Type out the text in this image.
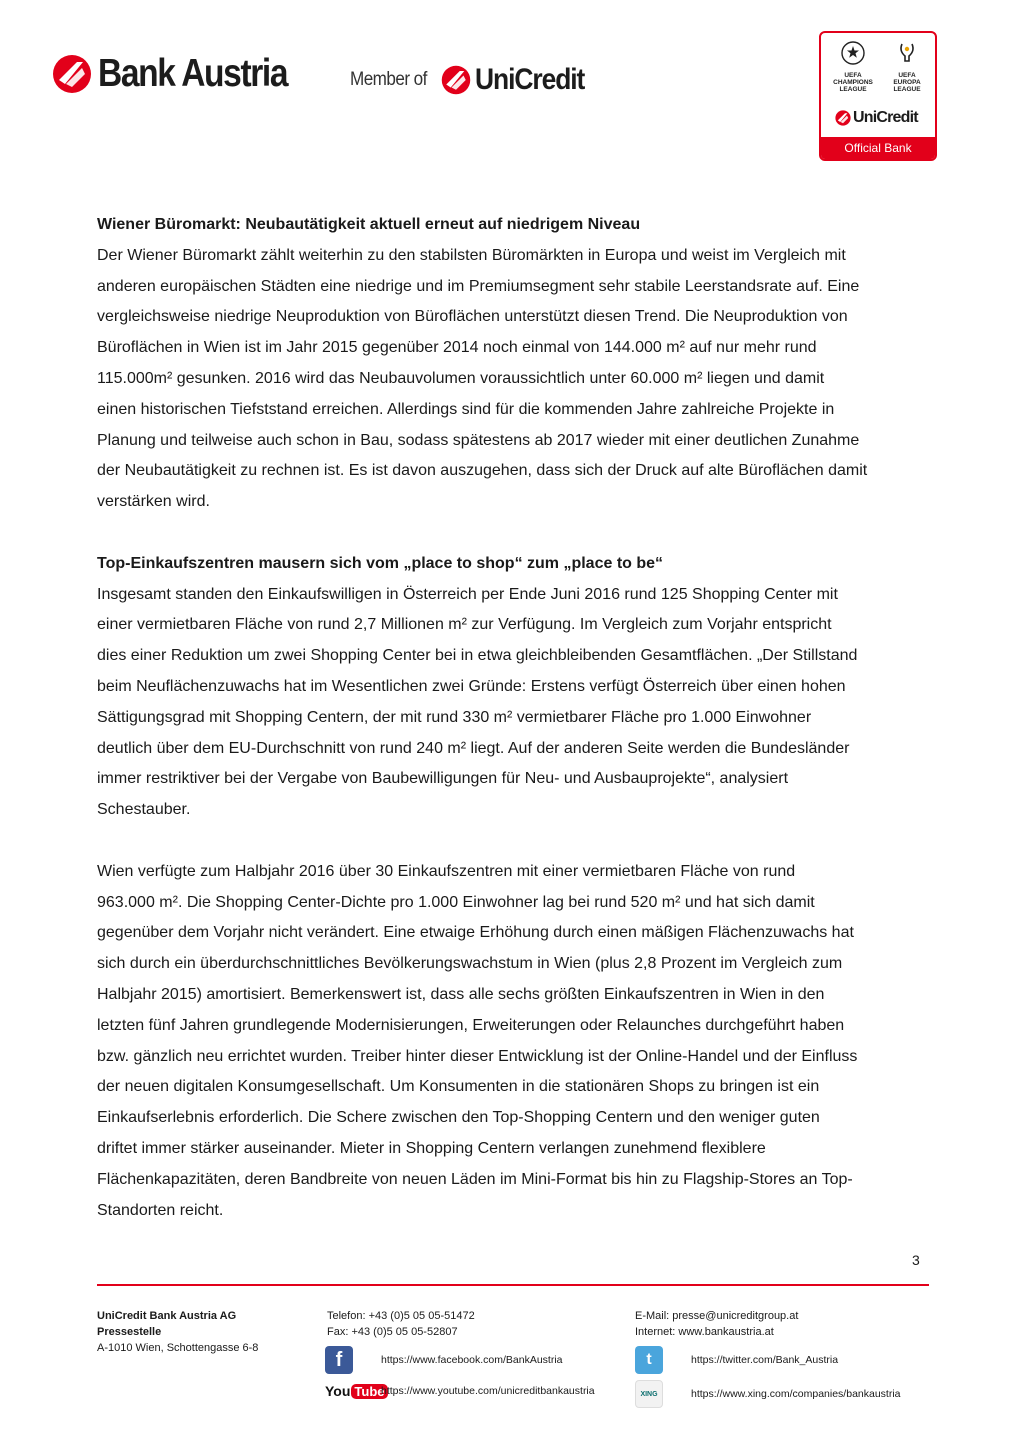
Bank Austria	Member of UniCredit	UEFA
CHAMPIONS
LEAGUE
UEFA
EUROPA
LEAGUE
UniCredit
Official Bank

Wiener Büromarkt: Neubautätigkeit aktuell erneut auf niedrigem Niveau

Der Wiener Büromarkt zählt weiterhin zu den stabilsten Büromärkten in Europa und weist im Vergleich mit

anderen europäischen Städten eine niedrige und im Premiumsegment sehr stabile Leerstandsrate auf. Eine

vergleichsweise niedrige Neuproduktion von Büroflächen unterstützt diesen Trend. Die Neuproduktion von

Büroflächen in Wien ist im Jahr 2015 gegenüber 2014 noch einmal von 144.000 m² auf nur mehr rund

115.000m² gesunken. 2016 wird das Neubauvolumen voraussichtlich unter 60.000 m² liegen und damit

einen historischen Tiefststand erreichen. Allerdings sind für die kommenden Jahre zahlreiche Projekte in

Planung und teilweise auch schon in Bau, sodass spätestens ab 2017 wieder mit einer deutlichen Zunahme

der Neubautätigkeit zu rechnen ist. Es ist davon auszugehen, dass sich der Druck auf alte Büroflächen damit

verstärken wird.

Top-Einkaufszentren mausern sich vom „place to shop“ zum „place to be“

Insgesamt standen den Einkaufswilligen in Österreich per Ende Juni 2016 rund 125 Shopping Center mit

einer vermietbaren Fläche von rund 2,7 Millionen m² zur Verfügung. Im Vergleich zum Vorjahr entspricht

dies einer Reduktion um zwei Shopping Center bei in etwa gleichbleibenden Gesamtflächen. „Der Stillstand

beim Neuflächenzuwachs hat im Wesentlichen zwei Gründe: Erstens verfügt Österreich über einen hohen

Sättigungsgrad mit Shopping Centern, der mit rund 330 m² vermietbarer Fläche pro 1.000 Einwohner

deutlich über dem EU-Durchschnitt von rund 240 m² liegt. Auf der anderen Seite werden die Bundesländer

immer restriktiver bei der Vergabe von Baubewilligungen für Neu- und Ausbauprojekte“, analysiert

Schestauber.

Wien verfügte zum Halbjahr 2016 über 30 Einkaufszentren mit einer vermietbaren Fläche von rund

963.000 m². Die Shopping Center-Dichte pro 1.000 Einwohner lag bei rund 520 m² und hat sich damit

gegenüber dem Vorjahr nicht verändert. Eine etwaige Erhöhung durch einen mäßigen Flächenzuwachs hat

sich durch ein überdurchschnittliches Bevölkerungswachstum in Wien (plus 2,8 Prozent im Vergleich zum

Halbjahr 2015) amortisiert. Bemerkenswert ist, dass alle sechs größten Einkaufszentren in Wien in den

letzten fünf Jahren grundlegende Modernisierungen, Erweiterungen oder Relaunches durchgeführt haben

bzw. gänzlich neu errichtet wurden. Treiber hinter dieser Entwicklung ist der Online-Handel und der Einfluss

der neuen digitalen Konsumgesellschaft. Um Konsumenten in die stationären Shops zu bringen ist ein

Einkaufserlebnis erforderlich. Die Schere zwischen den Top-Shopping Centern und den weniger guten

driftet immer stärker auseinander. Mieter in Shopping Centern verlangen zunehmend flexiblere

Flächenkapazitäten, deren Bandbreite von neuen Läden im Mini-Format bis hin zu Flagship-Stores an Top-

Standorten reicht.

3
UniCredit Bank Austria AG
Pressestelle
A-1010 Wien, Schottengasse 6-8
Telefon: +43 (0)5 05 05-51472
Fax: +43 (0)5 05 05-52807
E-Mail: presse@unicreditgroup.at
Internet: www.bankaustria.at
f	https://www.facebook.com/BankAustria
You Tube
https://www.youtube.com/unicreditbankaustria
t	https://twitter.com/Bank_Austria
XING	https://www.xing.com/companies/bankaustria
